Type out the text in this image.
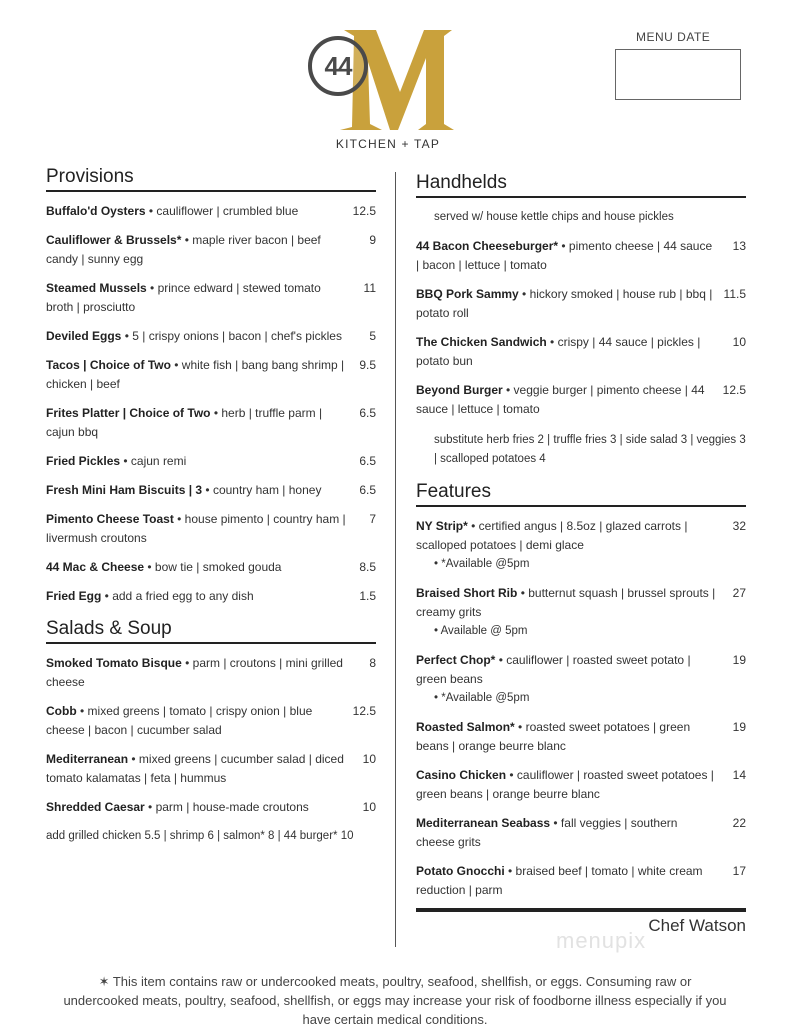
44
KITCHEN + TAP
MENU DATE
Provisions
Buffalo'd Oysters • cauliflower | crumbled blue	12.5
Cauliflower & Brussels* • maple river bacon | beef candy | sunny egg
9
Steamed Mussels • prince edward | stewed tomato broth | prosciutto
11
Deviled Eggs • 5 | crispy onions | bacon | chef's pickles	5
Tacos | Choice of Two • white fish | bang bang shrimp | chicken | beef
9.5
Frites Platter | Choice of Two • herb | truffle parm | cajun bbq
6.5
Fried Pickles • cajun remi	6.5
Fresh Mini Ham Biscuits | 3 • country ham | honey	6.5
Pimento Cheese Toast • house pimento | country ham | livermush croutons
7
44 Mac & Cheese • bow tie | smoked gouda	8.5
Fried Egg • add a fried egg to any dish	1.5
Salads & Soup
Smoked Tomato Bisque • parm | croutons | mini grilled cheese
8
Cobb • mixed greens | tomato | crispy onion | blue cheese | bacon | cucumber salad
12.5
Mediterranean • mixed greens | cucumber salad | diced tomato kalamatas | feta | hummus
10
Shredded Caesar • parm | house-made croutons	10
add grilled chicken 5.5 | shrimp 6 | salmon* 8 | 44 burger* 10
Handhelds
served w/ house kettle chips and house pickles
44 Bacon Cheeseburger* • pimento cheese | 44 sauce | bacon | lettuce | tomato
13
BBQ Pork Sammy • hickory smoked | house rub | bbq | potato roll
11.5
The Chicken Sandwich • crispy | 44 sauce | pickles | potato bun
10
Beyond Burger • veggie burger | pimento cheese | 44 sauce | lettuce | tomato
12.5
substitute herb fries 2 | truffle fries 3 | side salad 3 | veggies 3 | scalloped potatoes 4
Features
NY Strip* • certified angus | 8.5oz | glazed carrots | scalloped potatoes | demi glace
• *Available @5pm
32
Braised Short Rib • butternut squash | brussel sprouts | creamy grits
• Available @ 5pm
27
Perfect Chop* • cauliflower | roasted sweet potato | green beans
• *Available @5pm
19
Roasted Salmon* • roasted sweet potatoes | green beans | orange beurre blanc
19
Casino Chicken • cauliflower | roasted sweet potatoes | green beans | orange beurre blanc
14
Mediterranean Seabass • fall veggies | southern cheese grits
22
Potato Gnocchi • braised beef | tomato | white cream reduction | parm
17
Chef Watson
menupix
✶ This item contains raw or undercooked meats, poultry, seafood, shellfish, or eggs. Consuming raw or undercooked meats, poultry, seafood, shellfish, or eggs may increase your risk of foodborne illness especially if you have certain medical conditions.
